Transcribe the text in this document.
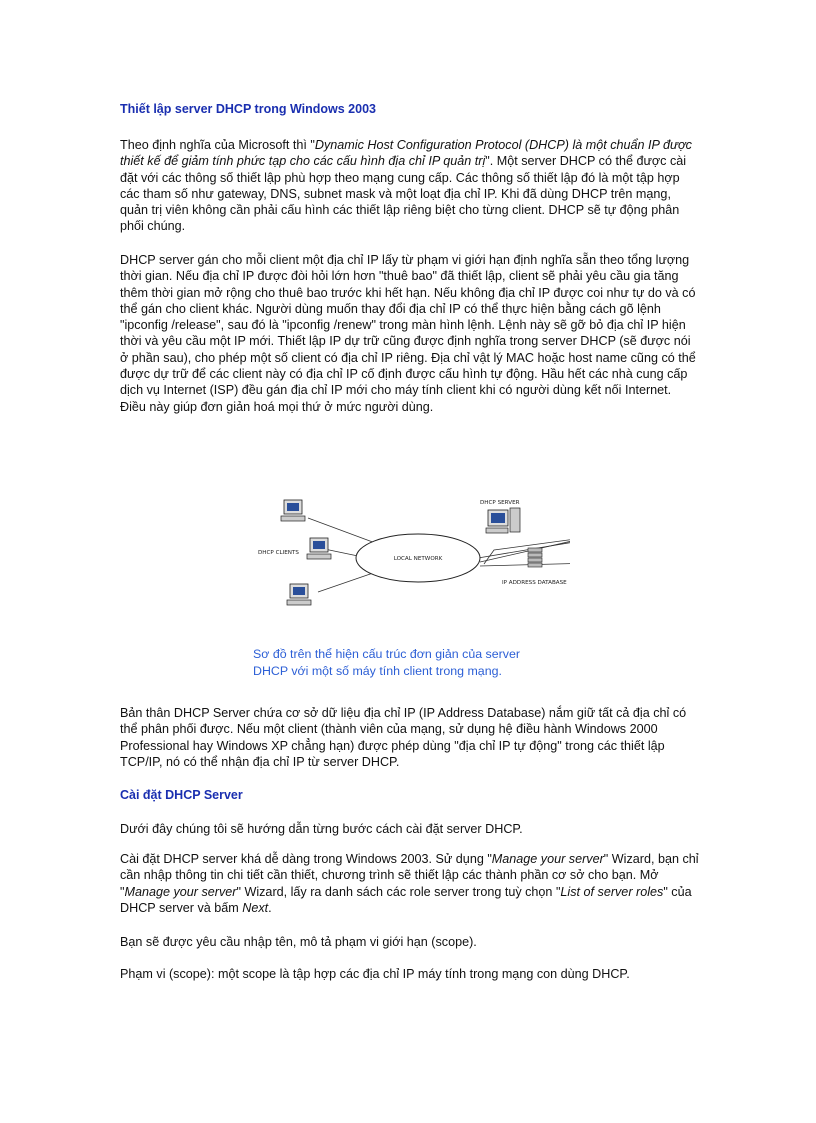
Thiết lập server DHCP trong Windows 2003
Theo định nghĩa của Microsoft thì "Dynamic Host Configuration Protocol (DHCP) là một chuẩn IP được thiết kế để giảm tính phức tạp cho các cấu hình địa chỉ IP quản trị". Một server DHCP có thể được cài đặt với các thông số thiết lập phù hợp theo mạng cung cấp. Các thông số thiết lập đó là một tập hợp các tham số như gateway, DNS, subnet mask và một loạt địa chỉ IP. Khi đã dùng DHCP trên mạng, quản trị viên không cần phải cấu hình các thiết lập riêng biệt cho từng client. DHCP sẽ tự động phân phối chúng.
DHCP server gán cho mỗi client một địa chỉ IP lấy từ phạm vi giới hạn định nghĩa sẵn theo tổng lượng thời gian. Nếu địa chỉ IP được đòi hỏi lớn hơn "thuê bao" đã thiết lập, client sẽ phải yêu cầu gia tăng thêm thời gian mở rộng cho thuê bao trước khi hết hạn. Nếu không địa chỉ IP được coi như tự do và có thể gán cho client khác. Người dùng muốn thay đổi địa chỉ IP có thể thực hiện bằng cách gõ lệnh "ipconfig /release", sau đó là "ipconfig /renew" trong màn hình lệnh. Lệnh này sẽ gỡ bỏ địa chỉ IP hiện thời và yêu cầu một IP mới. Thiết lập IP dự trữ cũng được định nghĩa trong server DHCP (sẽ được nói ở phần sau), cho phép một số client có địa chỉ IP riêng. Địa chỉ vật lý MAC hoặc host name cũng có thể được dự trữ để các client này có địa chỉ IP cố định được cấu hình tự động. Hầu hết các nhà cung cấp dịch vụ Internet (ISP) đều gán địa chỉ IP mới cho máy tính client khi có người dùng kết nối Internet. Điều này giúp đơn giản hoá mọi thứ ở mức người dùng.
LOCAL NETWORK
DHCP CLIENTS
DHCP SERVER
IP ADDRESS DATABASE
Sơ đồ trên thể hiện cấu trúc đơn giản của server
DHCP với một số máy tính client trong mạng.
Bản thân DHCP Server chứa cơ sở dữ liệu địa chỉ IP (IP Address Database) nắm giữ tất cả địa chỉ có thể phân phối được. Nếu một client (thành viên của mạng, sử dụng hệ điều hành Windows 2000 Professional hay Windows XP chẳng hạn) được phép dùng "địa chỉ IP tự động" trong các thiết lập TCP/IP, nó có thể nhận địa chỉ IP từ server DHCP.
Cài đặt DHCP Server
Dưới đây chúng tôi sẽ hướng dẫn từng bước cách cài đặt server DHCP.
Cài đặt DHCP server khá dễ dàng trong Windows 2003. Sử dụng "Manage your server" Wizard, bạn chỉ cần nhập thông tin chi tiết cần thiết, chương trình sẽ thiết lập các thành phần cơ sở cho bạn. Mở "Manage your server" Wizard, lấy ra danh sách các role server trong tuỳ chọn "List of server roles" của DHCP server và bấm Next.
Bạn sẽ được yêu cầu nhập tên, mô tả phạm vi giới hạn (scope).
Phạm vi (scope): một scope là tập hợp các địa chỉ IP máy tính trong mạng con dùng DHCP.
